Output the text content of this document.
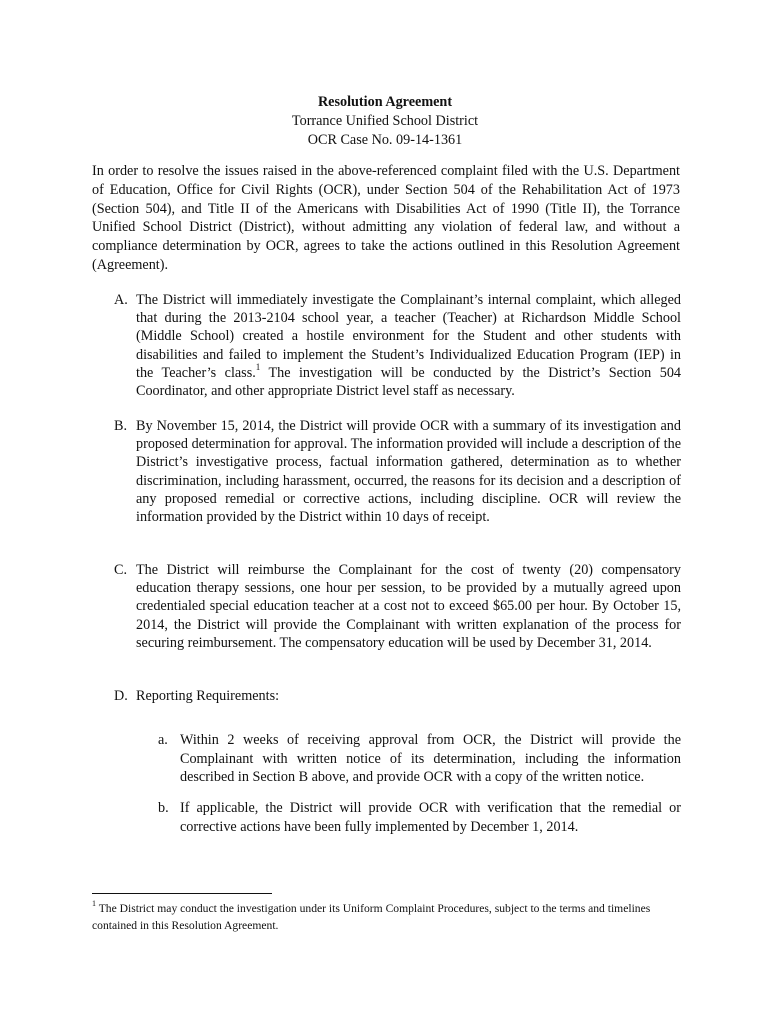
Resolution Agreement
Torrance Unified School District
OCR Case No. 09-14-1361

In order to resolve the issues raised in the above-referenced complaint filed with the U.S. Department of Education, Office for Civil Rights (OCR), under Section 504 of the Rehabilitation Act of 1973 (Section 504), and Title II of the Americans with Disabilities Act of 1990 (Title II), the Torrance Unified School District (District), without admitting any violation of federal law, and without a compliance determination by OCR, agrees to take the actions outlined in this Resolution Agreement (Agreement).

A. The District will immediately investigate the Complainant’s internal complaint, which alleged that during the 2013-2104 school year, a teacher (Teacher) at Richardson Middle School (Middle School) created a hostile environment for the Student and other students with disabilities and failed to implement the Student’s Individualized Education Program (IEP) in the Teacher’s class.$^1$ The investigation will be conducted by the District’s Section 504 Coordinator, and other appropriate District level staff as necessary.

B. By November 15, 2014, the District will provide OCR with a summary of its investigation and proposed determination for approval. The information provided will include a description of the District’s investigative process, factual information gathered, determination as to whether discrimination, including harassment, occurred, the reasons for its decision and a description of any proposed remedial or corrective actions, including discipline. OCR will review the information provided by the District within 10 days of receipt.

C. The District will reimburse the Complainant for the cost of twenty (20) compensatory education therapy sessions, one hour per session, to be provided by a mutually agreed upon credentialed special education teacher at a cost not to exceed $65.00 per hour. By October 15, 2014, the District will provide the Complainant with written explanation of the process for securing reimbursement. The compensatory education will be used by December 31, 2014.

D. Reporting Requirements:

a. Within 2 weeks of receiving approval from OCR, the District will provide the Complainant with written notice of its determination, including the information described in Section B above, and provide OCR with a copy of the written notice.

b. If applicable, the District will provide OCR with verification that the remedial or corrective actions have been fully implemented by December 1, 2014.

$^1$ The District may conduct the investigation under its Uniform Complaint Procedures, subject to the terms and timelines contained in this Resolution Agreement.
